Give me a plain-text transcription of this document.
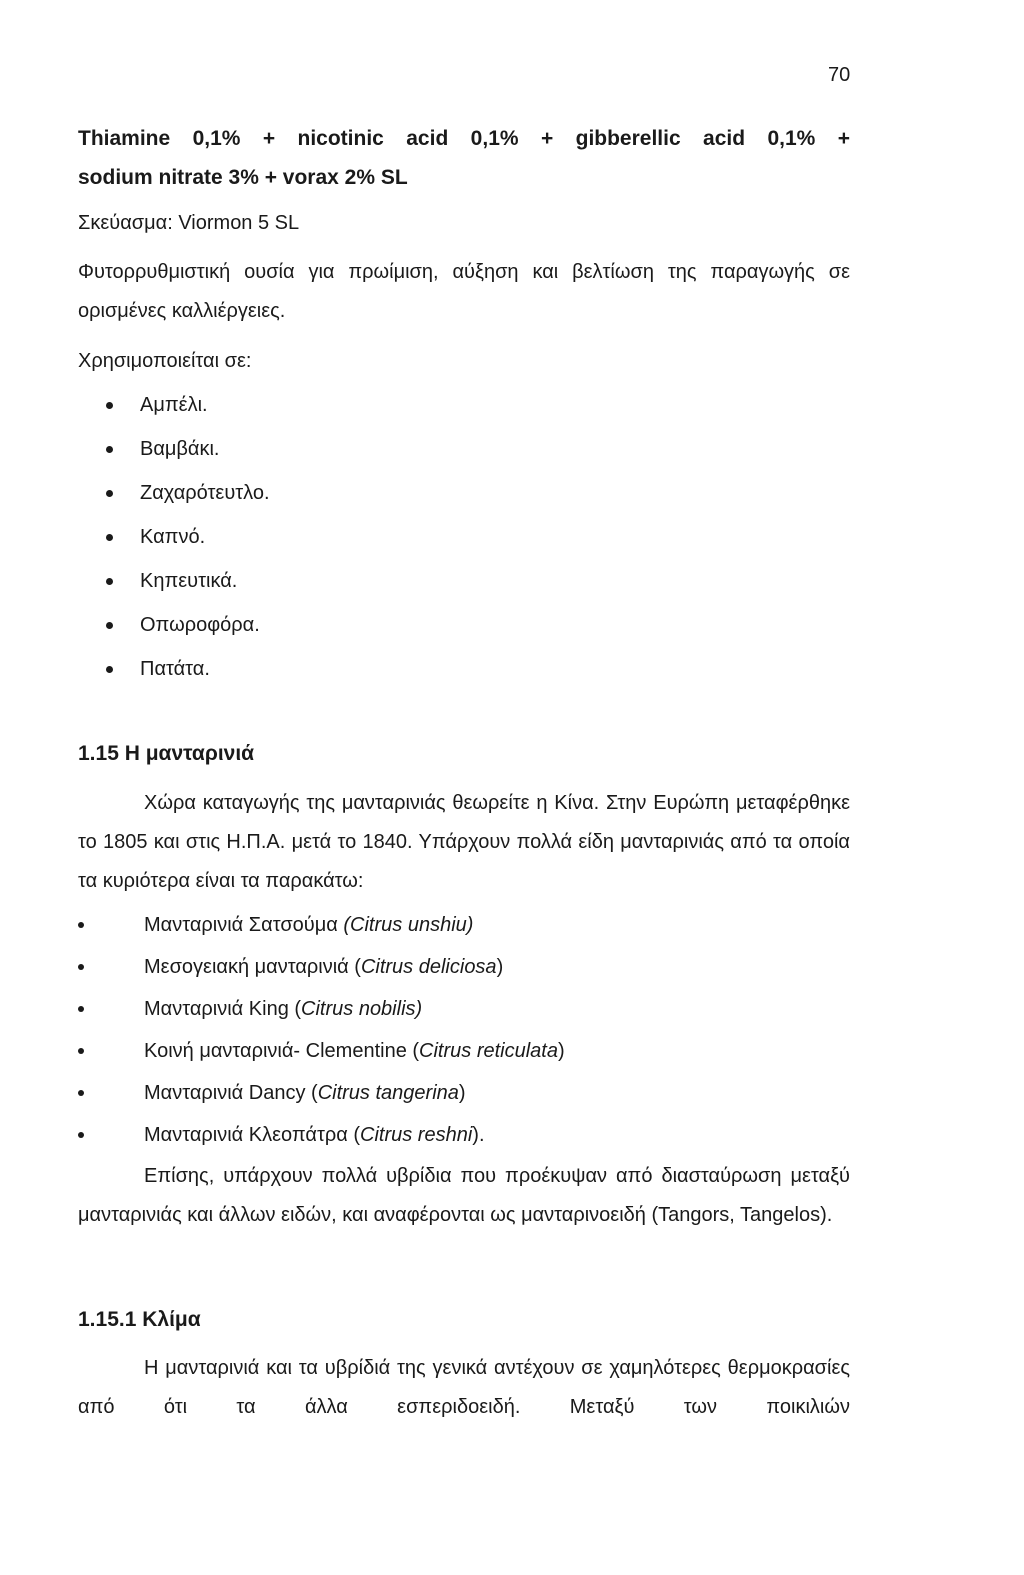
70

Thiamine 0,1% + nicotinic acid 0,1% + gibberellic acid 0,1% +

sodium nitrate 3% + vorax 2% SL

Σκεύασμα: Viormon 5 SL

Φυτορρυθμιστική ουσία για πρωίμιση, αύξηση και βελτίωση της παραγωγής σε ορισμένες καλλιέργειες.

Χρησιμοποιείται σε:

Αμπέλι.
Βαμβάκι.
Ζαχαρότευτλο.
Καπνό.
Κηπευτικά.
Οπωροφόρα.
Πατάτα.

1.15 Η μανταρινιά

Χώρα καταγωγής της μανταρινιάς θεωρείτε η Κίνα. Στην Ευρώπη μεταφέρθηκε το 1805 και στις Η.Π.Α. μετά το 1840. Υπάρχουν πολλά είδη μανταρινιάς από τα οποία τα κυριότερα είναι τα παρακάτω:

Μανταρινιά Σατσούμα (Citrus unshiu)
Μεσογειακή μανταρινιά (Citrus deliciosa)
Μανταρινιά King (Citrus nobilis)
Κοινή μανταρινιά- Clementine (Citrus reticulata)
Μανταρινιά Dancy (Citrus tangerina)
Μανταρινιά Κλεοπάτρα (Citrus reshni).

Επίσης, υπάρχουν πολλά υβρίδια που προέκυψαν από διασταύρωση μεταξύ μανταρινιάς και άλλων ειδών, και αναφέρονται ως μανταρινοειδή (Tangors, Tangelos).

1.15.1 Κλίμα

Η μανταρινιά και τα υβρίδιά της γενικά αντέχουν σε χαμηλότερες θερμοκρασίες από ότι τα άλλα εσπεριδοειδή. Μεταξύ των ποικιλιών
